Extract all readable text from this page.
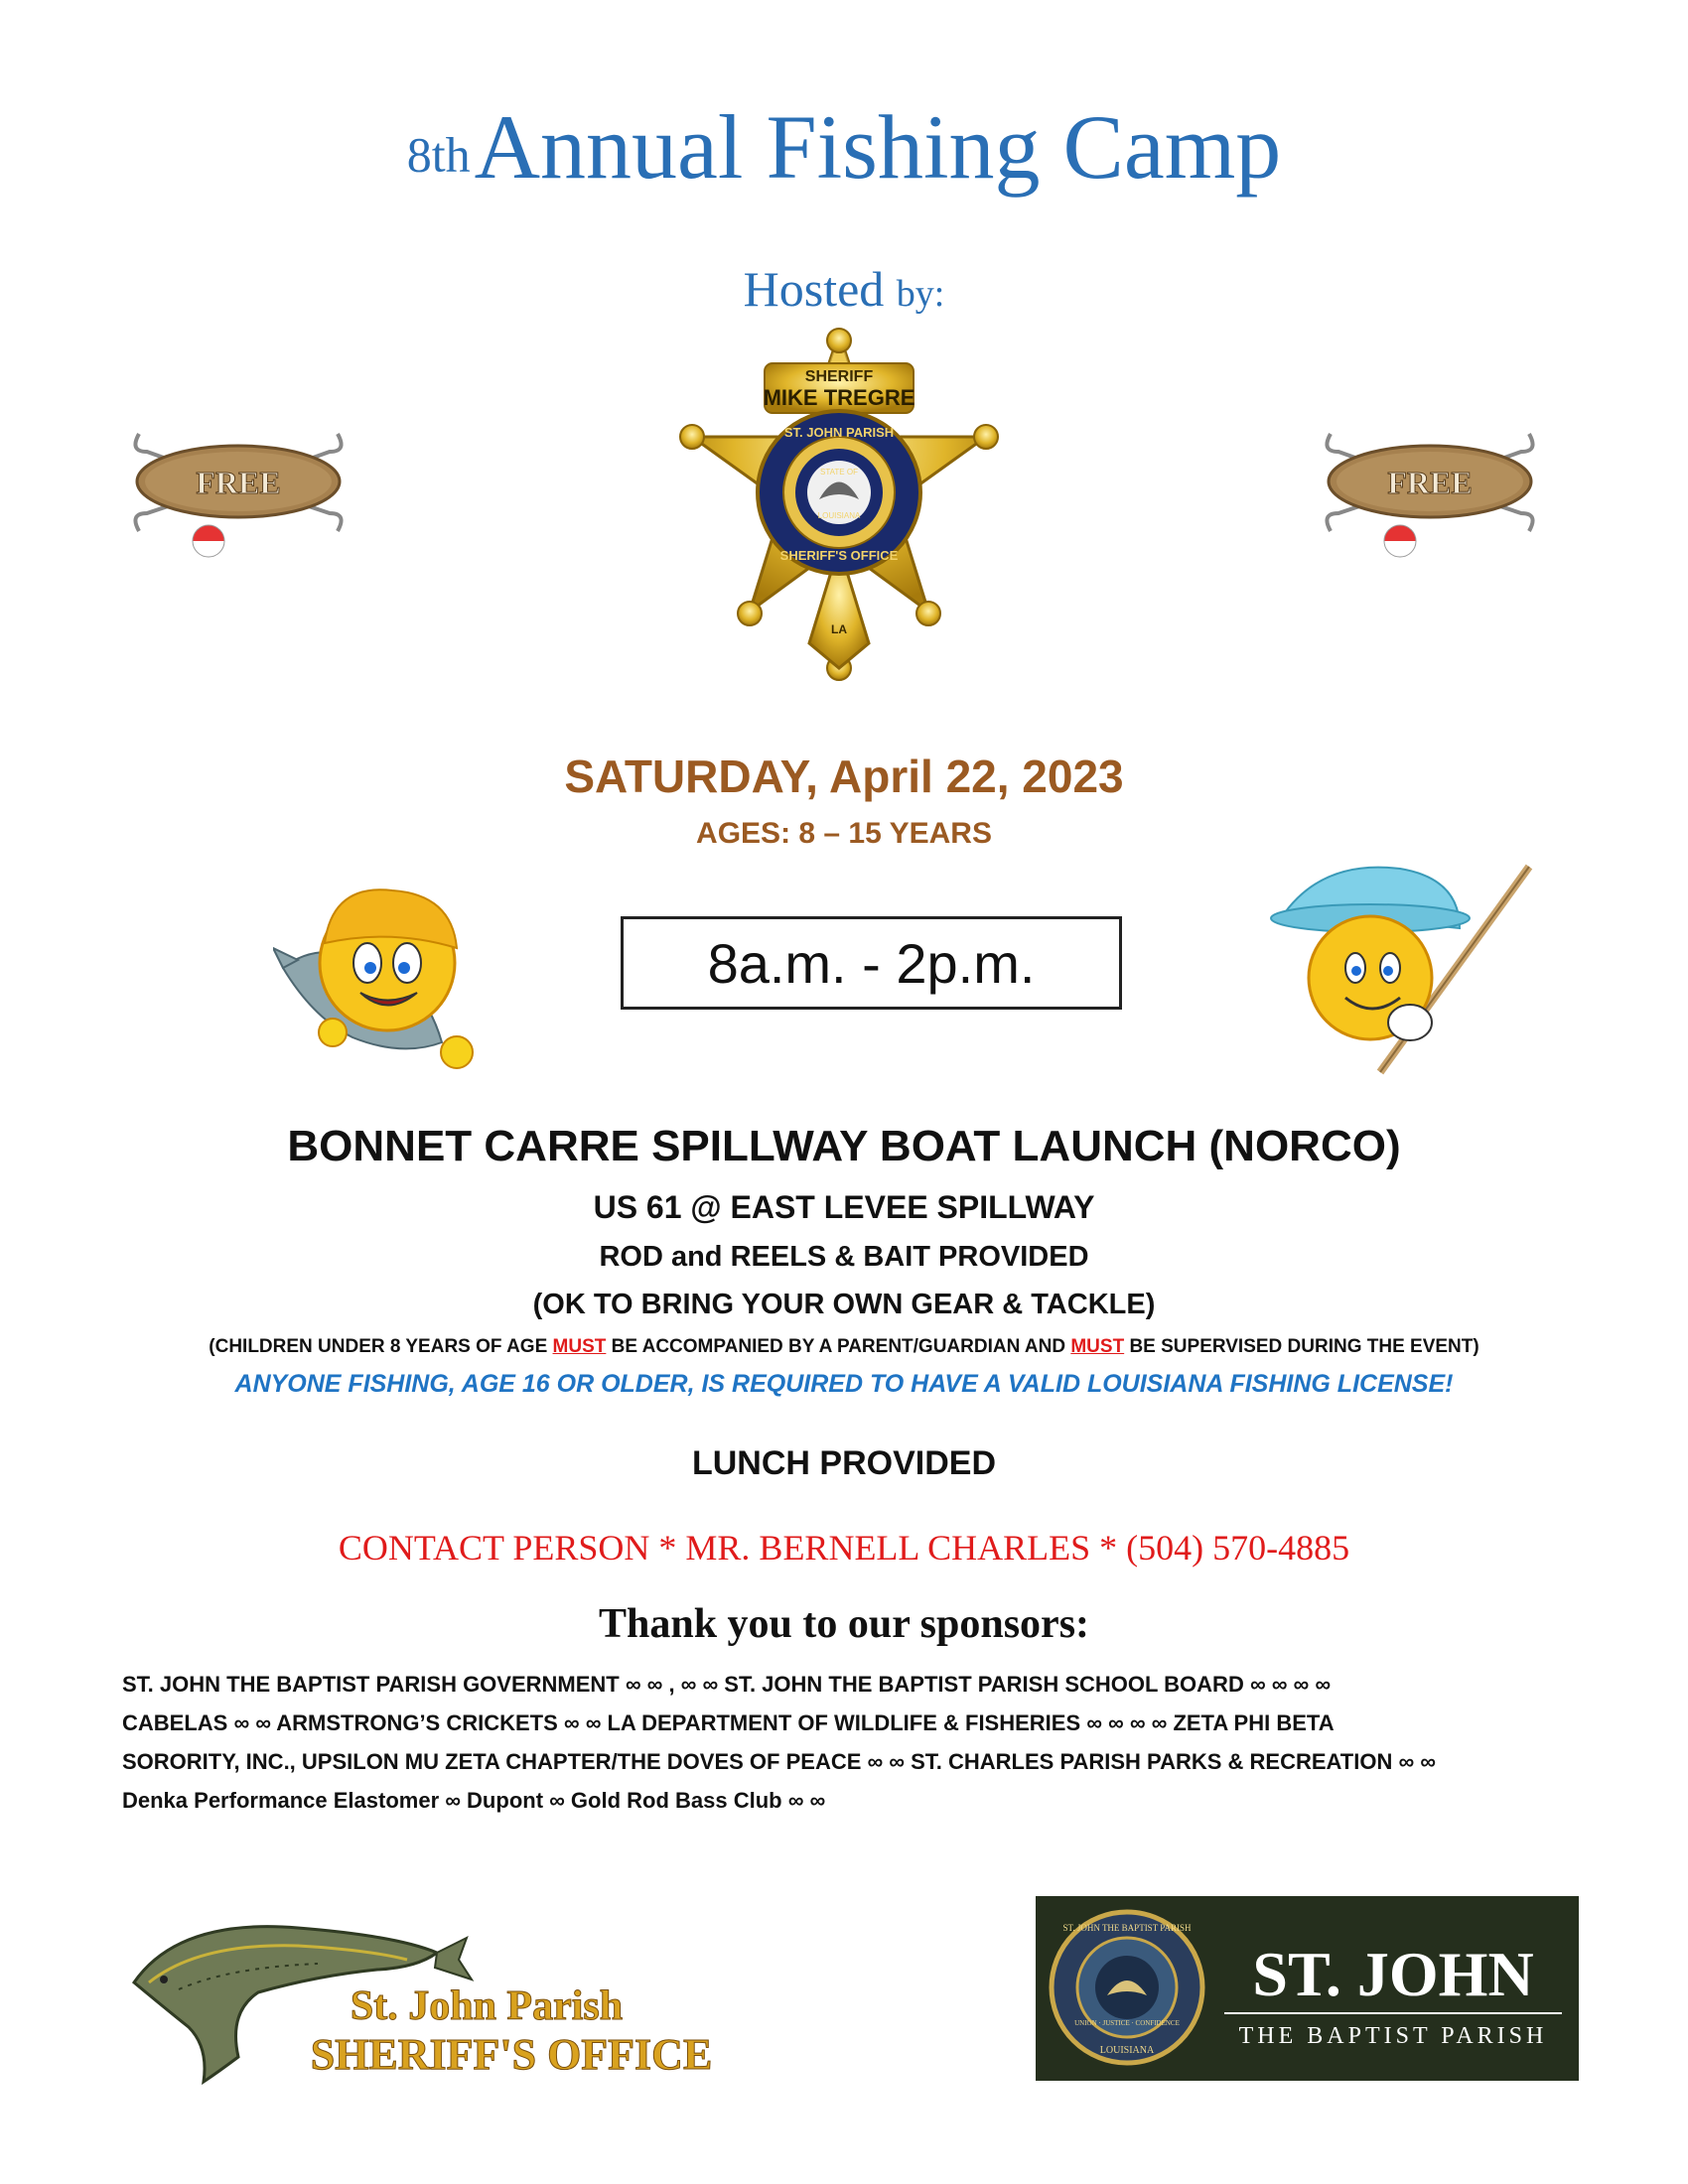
8th Annual Fishing Camp
Hosted by:
FREE	FREE
SHERIFF
MIKE TREGRE
ST. JOHN PARISH
SHERIFF'S OFFICE
STATE OF
LOUISIANA
LA
SATURDAY, April 22, 2023
AGES: 8 – 15 YEARS
8a.m. - 2p.m.
BONNET CARRE SPILLWAY BOAT LAUNCH (NORCO)
US 61 @ EAST LEVEE SPILLWAY
ROD and REELS & BAIT PROVIDED
(OK TO BRING YOUR OWN GEAR & TACKLE)
(CHILDREN UNDER 8 YEARS OF AGE MUST BE ACCOMPANIED BY A PARENT/GUARDIAN AND MUST BE SUPERVISED DURING THE EVENT)
ANYONE FISHING, AGE 16 OR OLDER, IS REQUIRED TO HAVE A VALID LOUISIANA FISHING LICENSE!
LUNCH PROVIDED
CONTACT PERSON * MR. BERNELL CHARLES * (504) 570-4885
Thank you to our sponsors:
ST. JOHN THE BAPTIST PARISH GOVERNMENT ∞ ∞ , ∞ ∞ ST. JOHN THE BAPTIST PARISH SCHOOL BOARD ∞ ∞ ∞ ∞
CABELAS ∞ ∞ ARMSTRONG’S CRICKETS ∞ ∞ LA DEPARTMENT OF WILDLIFE & FISHERIES ∞ ∞ ∞ ∞ ZETA PHI BETA
SORORITY, INC., UPSILON MU ZETA CHAPTER/THE DOVES OF PEACE ∞ ∞ ST. CHARLES PARISH PARKS & RECREATION ∞ ∞
Denka Performance Elastomer ∞ Dupont ∞ Gold Rod Bass Club ∞ ∞
St. John Parish
SHERIFF'S OFFICE
ST. JOHN THE BAPTIST PARISH
UNION · JUSTICE · CONFIDENCE
LOUISIANA
ST. JOHN
THE BAPTIST PARISH
